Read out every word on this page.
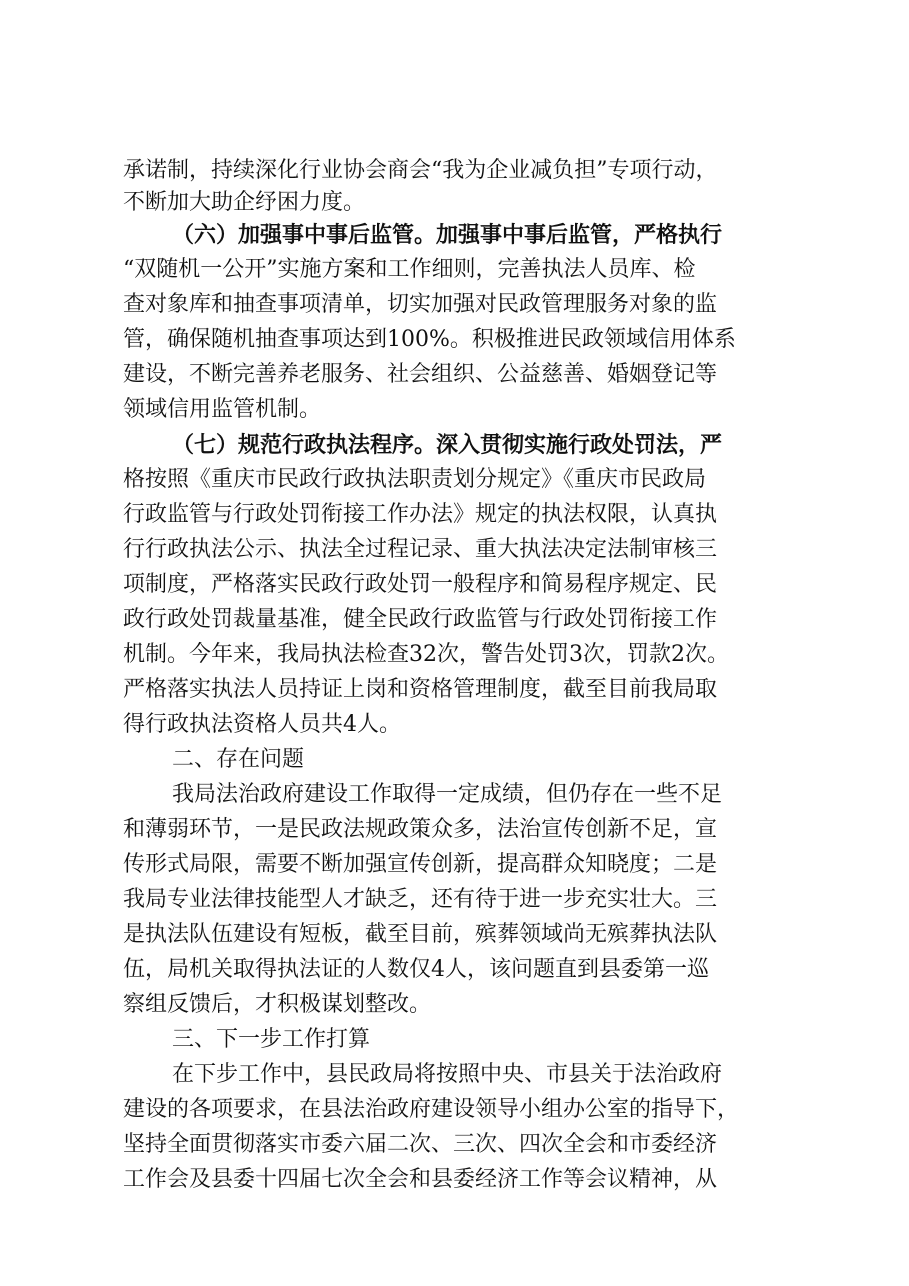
承诺制，持续深化行业协会商会“我为企业减负担”专项行动，
不断加大助企纾困力度。
（六）加强事中事后监管。加强事中事后监管，严格执行
“双随机一公开”实施方案和工作细则，完善执法人员库、检
查对象库和抽查事项清单，切实加强对民政管理服务对象的监
管，确保随机抽查事项达到100%。积极推进民政领域信用体系
建设，不断完善养老服务、社会组织、公益慈善、婚姻登记等
领域信用监管机制。
（七）规范行政执法程序。深入贯彻实施行政处罚法，严
格按照《重庆市民政行政执法职责划分规定》《重庆市民政局
行政监管与行政处罚衔接工作办法》规定的执法权限，认真执
行行政执法公示、执法全过程记录、重大执法决定法制审核三
项制度，严格落实民政行政处罚一般程序和简易程序规定、民
政行政处罚裁量基准，健全民政行政监管与行政处罚衔接工作
机制。今年来，我局执法检查32次，警告处罚3次，罚款2次。
严格落实执法人员持证上岗和资格管理制度，截至目前我局取
得行政执法资格人员共4人。
二、存在问题
我局法治政府建设工作取得一定成绩，但仍存在一些不足
和薄弱环节，一是民政法规政策众多，法治宣传创新不足，宣
传形式局限，需要不断加强宣传创新，提高群众知晓度；二是
我局专业法律技能型人才缺乏，还有待于进一步充实壮大。三
是执法队伍建设有短板，截至目前，殡葬领域尚无殡葬执法队
伍，局机关取得执法证的人数仅4人，该问题直到县委第一巡
察组反馈后，才积极谋划整改。
三、下一步工作打算
在下步工作中，县民政局将按照中央、市县关于法治政府
建设的各项要求，在县法治政府建设领导小组办公室的指导下，
坚持全面贯彻落实市委六届二次、三次、四次全会和市委经济
工作会及县委十四届七次全会和县委经济工作等会议精神，从
